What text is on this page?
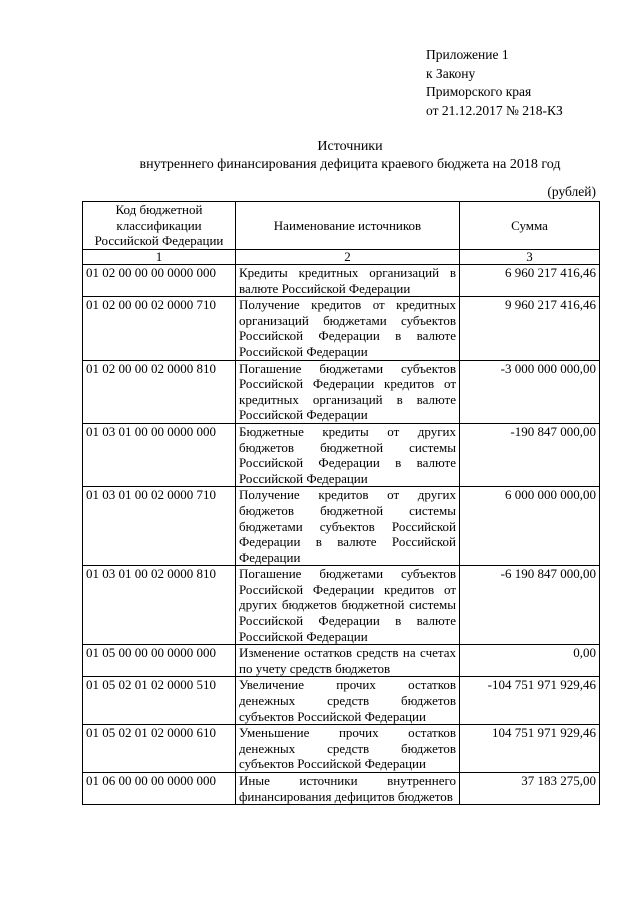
Приложение 1
к Закону
Приморского края
от 21.12.2017 № 218-КЗ
Источники
внутреннего финансирования дефицита краевого бюджета на 2018 год
(рублей)
Код бюджетной классификации Российской Федерации	Наименование источников	Сумма
1	2	3
01 02 00 00 00 0000 000	Кредиты кредитных организаций в валюте Российской Федерации	6 960 217 416,46
01 02 00 00 02 0000 710	Получение кредитов от кредитных организаций бюджетами субъектов Российской Федерации в валюте Российской Федерации	9 960 217 416,46
01 02 00 00 02 0000 810	Погашение бюджетами субъектов Российской Федерации кредитов от кредитных организаций в валюте Российской Федерации	-3 000 000 000,00
01 03 01 00 00 0000 000	Бюджетные кредиты от других бюджетов бюджетной системы Российской Федерации в валюте Российской Федерации	-190 847 000,00
01 03 01 00 02 0000 710	Получение кредитов от других бюджетов бюджетной системы бюджетами субъектов Российской Федерации в валюте Российской Федерации	6 000 000 000,00
01 03 01 00 02 0000 810	Погашение бюджетами субъектов Российской Федерации кредитов от других бюджетов бюджетной системы Российской Федерации в валюте Российской Федерации	-6 190 847 000,00
01 05 00 00 00 0000 000	Изменение остатков средств на счетах по учету средств бюджетов	0,00
01 05 02 01 02 0000 510	Увеличение прочих остатков денежных средств бюджетов субъектов Российской Федерации	-104 751 971 929,46
01 05 02 01 02 0000 610	Уменьшение прочих остатков денежных средств бюджетов субъектов Российской Федерации	104 751 971 929,46
01 06 00 00 00 0000 000	Иные источники внутреннего финансирования дефицитов бюджетов	37 183 275,00
